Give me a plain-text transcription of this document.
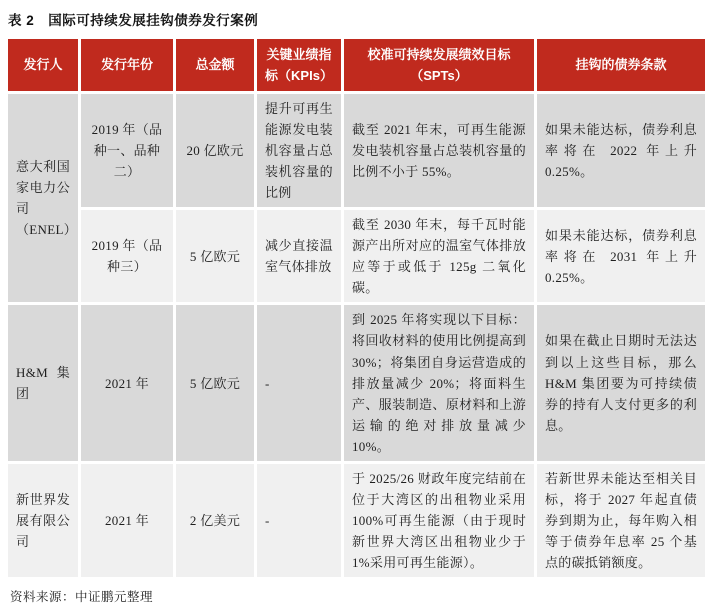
表 2 国际可持续发展挂钩债券发行案例
发行人	发行年份	总金额	关键业绩指标（KPIs）	校准可持续发展绩效目标（SPTs）	挂钩的债券条款
意大利国家电力公司（ENEL）	2019 年（品种一、品种二）	20 亿欧元	提升可再生能源发电装机容量占总装机容量的比例	截至 2021 年末，可再生能源发电装机容量占总装机容量的比例不小于 55%。	如果未能达标，债券利息率将在 2022 年上升 0.25%。
	2019 年（品种三）	5 亿欧元	减少直接温室气体排放	截至 2030 年末，每千瓦时能源产出所对应的温室气体排放应等于或低于 125g 二氧化碳。	如果未能达标，债券利息率将在 2031 年上升 0.25%。
H&M 集团	2021 年	5 亿欧元	-	到 2025 年将实现以下目标：将回收材料的使用比例提高到 30%；将集团自身运营造成的排放量减少 20%；将面料生产、服装制造、原材料和上游运输的绝对排放量减少 10%。	如果在截止日期时无法达到以上这些目标，那么 H&M 集团要为可持续债券的持有人支付更多的利息。
新世界发展有限公司	2021 年	2 亿美元	-	于 2025/26 财政年度完结前在位于大湾区的出租物业采用 100%可再生能源（由于现时新世界大湾区出租物业少于 1%采用可再生能源）。	若新世界未能达至相关目标，将于 2027 年起直债券到期为止，每年购入相等于债券年息率 25 个基点的碳抵销额度。
资料来源：中证鹏元整理
